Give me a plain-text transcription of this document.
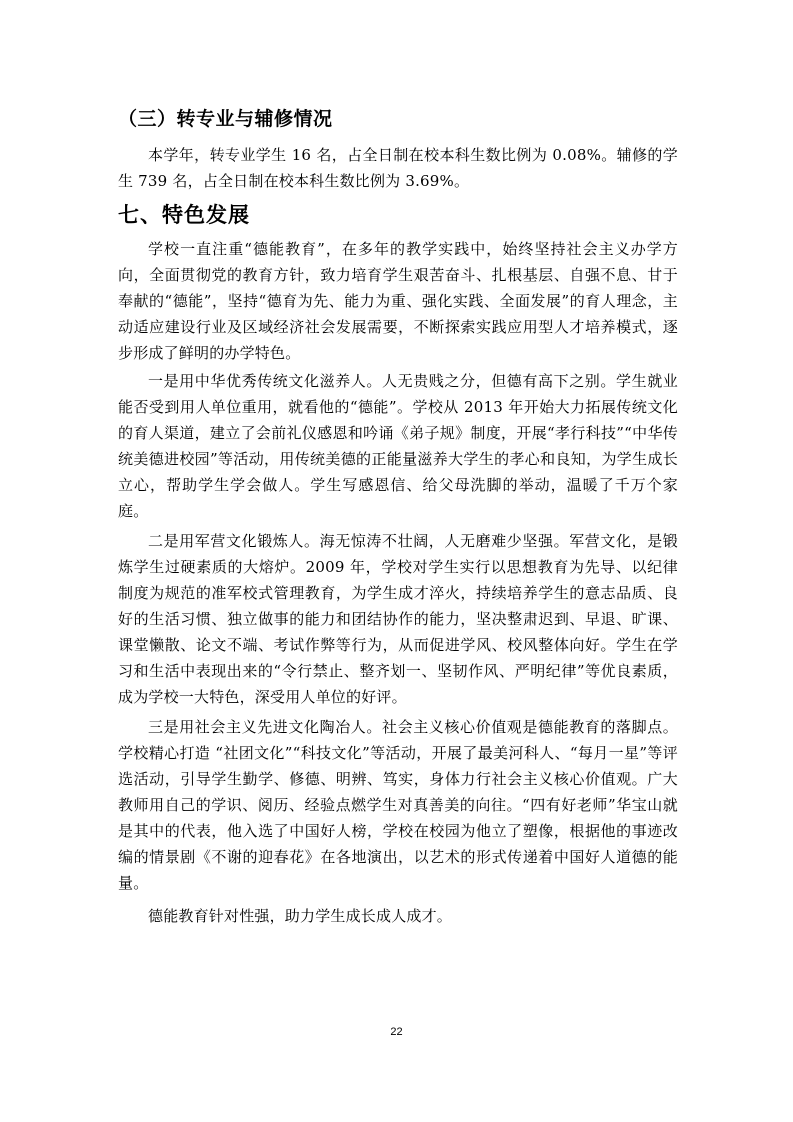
（三）转专业与辅修情况

本学年，转专业学生 16 名，占全日制在校本科生数比例为 0.08%。辅修的学生 739 名，占全日制在校本科生数比例为 3.69%。

七、特色发展

学校一直注重“德能教育”，在多年的教学实践中，始终坚持社会主义办学方向，全面贯彻党的教育方针，致力培育学生艰苦奋斗、扎根基层、自强不息、甘于奉献的“德能”，坚持“德育为先、能力为重、强化实践、全面发展”的育人理念，主动适应建设行业及区域经济社会发展需要，不断探索实践应用型人才培养模式，逐步形成了鲜明的办学特色。

一是用中华优秀传统文化滋养人。人无贵贱之分，但德有高下之别。学生就业能否受到用人单位重用，就看他的“德能”。学校从 2013 年开始大力拓展传统文化的育人渠道，建立了会前礼仪感恩和吟诵《弟子规》制度，开展“孝行科技”“中华传统美德进校园”等活动，用传统美德的正能量滋养大学生的孝心和良知，为学生成长立心，帮助学生学会做人。学生写感恩信、给父母洗脚的举动，温暖了千万个家庭。

二是用军营文化锻炼人。海无惊涛不壮阔，人无磨难少坚强。军营文化，是锻炼学生过硬素质的大熔炉。2009 年，学校对学生实行以思想教育为先导、以纪律制度为规范的准军校式管理教育，为学生成才淬火，持续培养学生的意志品质、良好的生活习惯、独立做事的能力和团结协作的能力，坚决整肃迟到、早退、旷课、课堂懒散、论文不端、考试作弊等行为，从而促进学风、校风整体向好。学生在学习和生活中表现出来的“令行禁止、整齐划一、坚韧作风、严明纪律”等优良素质，成为学校一大特色，深受用人单位的好评。

三是用社会主义先进文化陶冶人。社会主义核心价值观是德能教育的落脚点。学校精心打造 “社团文化”“科技文化”等活动，开展了最美河科人、“每月一星”等评选活动，引导学生勤学、修德、明辨、笃实，身体力行社会主义核心价值观。广大教师用自己的学识、阅历、经验点燃学生对真善美的向往。“四有好老师”华宝山就是其中的代表，他入选了中国好人榜，学校在校园为他立了塑像，根据他的事迹改编的情景剧《不谢的迎春花》在各地演出，以艺术的形式传递着中国好人道德的能量。

德能教育针对性强，助力学生成长成人成才。

22
